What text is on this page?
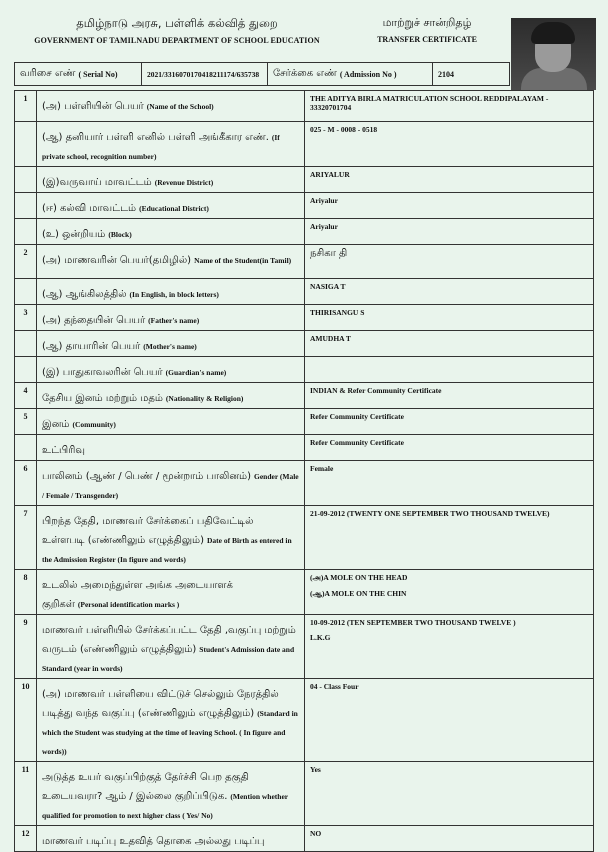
தமிழ்நாடு அரசு, பள்ளிக் கல்வித் துறை
GOVERNMENT OF TAMILNADU DEPARTMENT OF SCHOOL EDUCATION
மாற்றுச் சான்றிதழ்
TRANSFER CERTIFICATE
வரிசை எண் ( Serial No)	2021/3316070170418211174/635738	சேர்க்கை எண் ( Admission No )	2104
1	(அ) பள்ளியின் பெயர் (Name of the School)	THE ADITYA BIRLA MATRICULATION SCHOOL REDDIPALAYAM - 33320701704

	(ஆ) தனியார் பள்ளி எனில் பள்ளி அங்கீகார எண். (If private school, recognition number)	025 - M - 0008 - 0518

	(இ)வருவாய் மாவட்டம் (Revenue District)	ARIYALUR

	(ஈ) கல்வி மாவட்டம் (Educational District)	Ariyalur

	(உ) ஒன்றியம் (Block)	Ariyalur

2	(அ) மாணவரின் பெயர்(தமிழில்) Name of the Student(in Tamil)	நசிகா தி

	(ஆ) ஆங்கிலத்தில் (In English, in block letters)	NASIGA T

3	(அ) தந்தையின் பெயர் (Father's name)	THIRISANGU S

	(ஆ) தாயாரின் பெயர் (Mother's name)	AMUDHA T

	(இ) பாதுகாவலரின் பெயர் (Guardian's name)	

4	தேசிய இனம் மற்றும் மதம் (Nationality & Religion)	INDIAN & Refer Community Certificate

5	இனம் (Community)	Refer Community Certificate

	உட்பிரிவு	Refer Community Certificate

6	பாலினம் (ஆண் / பெண் / மூன்றாம் பாலினம்) Gender (Male / Female / Transgender)	Female

7	பிறந்த தேதி, மாணவர் சேர்க்கைப் பதிவேட்டில் உள்ளபடி (எண்ணிலும் எழுத்திலும்) Date of Birth as entered in the Admission Register (In figure and words)	21-09-2012 (TWENTY ONE SEPTEMBER TWO THOUSAND TWELVE)

8	உடலில் அமைந்துள்ள அங்க அடையாளக் குறிகள் (Personal identification marks )	(அ)A MOLE ON THE HEAD
(ஆ)A MOLE ON THE CHIN

9	மாணவர் பள்ளியில் சேர்க்கப்பட்ட தேதி ,வகுப்பு மற்றும் வருடம் (எண்ணிலும் எழுத்திலும்) Student's Admission date and Standard (year in words)	10-09-2012 (TEN SEPTEMBER TWO THOUSAND TWELVE )
L.K.G

10	(அ) மாணவர் பள்ளியை விட்டுச் செல்லும் நேரத்தில் படித்து வந்த வகுப்பு (எண்ணிலும் எழுத்திலும்) (Standard in which the Student was studying at the time of leaving School. ( In figure and words))	04 - Class Four

11	அடுத்த உயர் வகுப்பிற்குத் தேர்ச்சி பெற தகுதி உடையவரா? ஆம் / இல்லை குறிப்பிடுக. (Mention whether qualified for promotion to next higher class ( Yes/ No)	Yes

12	மாணவர் படிப்பு உதவித் தொகை அல்லது படிப்பு	NO
